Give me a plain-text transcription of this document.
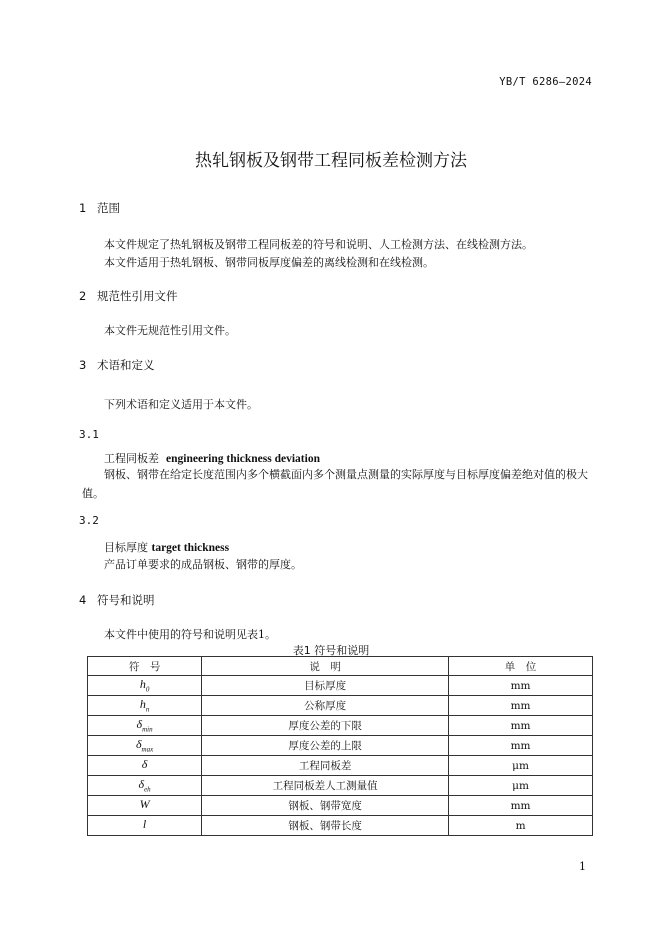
YB/T 6286—2024
热轧钢板及钢带工程同板差检测方法
1 范围
本文件规定了热轧钢板及钢带工程同板差的符号和说明、人工检测方法、在线检测方法。
本文件适用于热轧钢板、钢带同板厚度偏差的离线检测和在线检测。
2 规范性引用文件
本文件无规范性引用文件。
3 术语和定义
下列术语和定义适用于本文件。
3.1
工程同板差 engineering thickness deviation
钢板、钢带在给定长度范围内多个横截面内多个测量点测量的实际厚度与目标厚度偏差绝对值的极大值。
3.2
目标厚度 target thickness
产品订单要求的成品钢板、钢带的厚度。
4 符号和说明
本文件中使用的符号和说明见表1。
表1 符号和说明
符　号	说　明	单　位
$h_0$	目标厚度	mm
$h_n$	公称厚度	mm
$\delta_{min}$	厚度公差的下限	mm
$\delta_{max}$	厚度公差的上限	mm
δ	工程同板差	μm
$\delta_{eh}$	工程同板差人工测量值	μm
W	钢板、钢带宽度	mm
l	钢板、钢带长度	m
1
